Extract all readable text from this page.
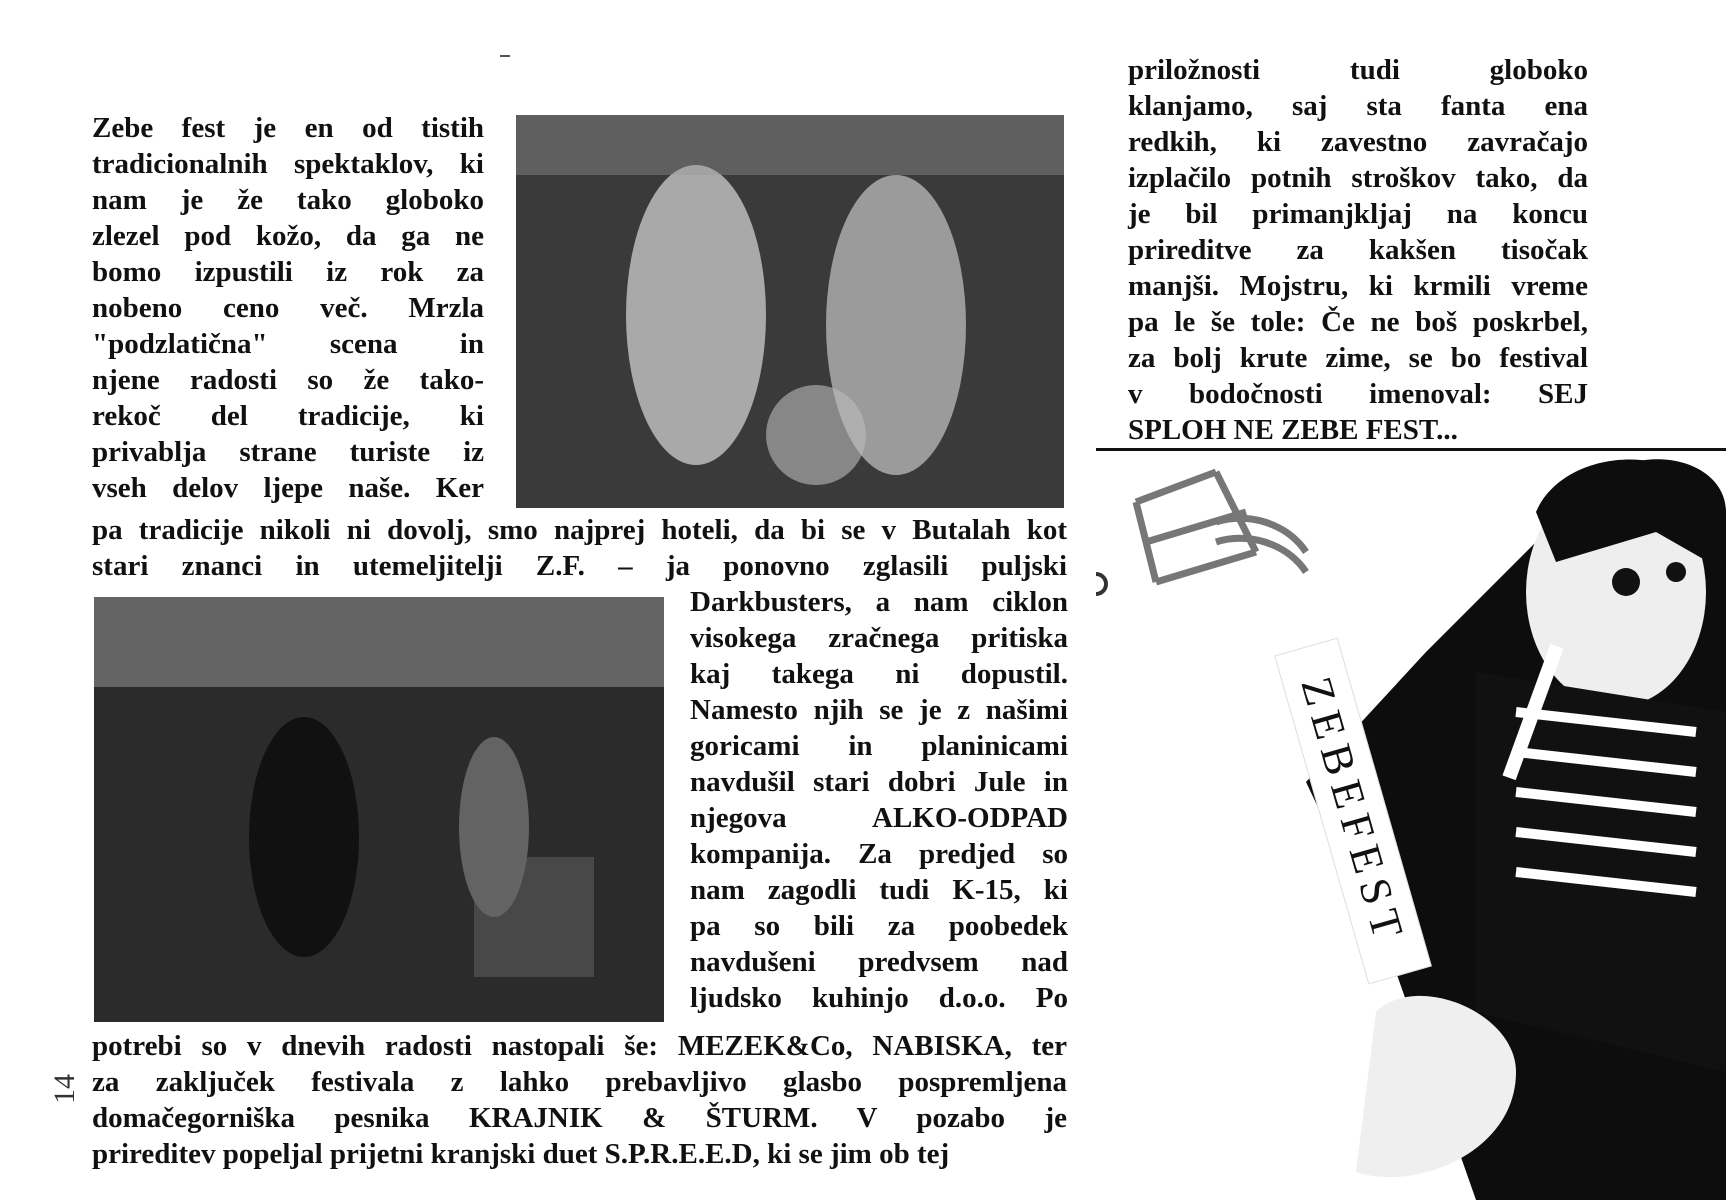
Zebe fest je en od tistih
tradicionalnih spektaklov, ki
nam je že tako globoko
zlezel pod kožo, da ga ne
bomo izpustili iz rok za
nobeno ceno več. Mrzla
"podzlatična" scena in
njene radosti so že tako-
rekoč del tradicije, ki
privablja strane turiste iz
vseh delov ljepe naše. Ker
pa tradicije nikoli ni dovolj, smo najprej hoteli, da bi se v Butalah kot
stari znanci in utemeljitelji Z.F. – ja ponovno zglasili puljski
Darkbusters, a nam ciklon
visokega zračnega pritiska
kaj takega ni dopustil.
Namesto njih se je z našimi
goricami in planinicami
navdušil stari dobri Jule in
njegova ALKO-ODPAD
kompanija. Za predjed so
nam zagodli tudi K-15, ki
pa so bili za poobedek
navdušeni predvsem nad
ljudsko kuhinjo d.o.o. Po
potrebi so v dnevih radosti nastopali še: MEZEK&Co, NABISKA, ter
za zaključek festivala z lahko prebavljivo glasbo pospremljena
domačegorniška pesnika KRAJNIK & ŠTURM. V pozabo je
prireditev popeljal prijetni kranjski duet S.P.R.E.E.D, ki se jim ob tej
priložnosti tudi globoko
klanjamo, saj sta fanta ena
redkih, ki zavestno zavračajo
izplačilo potnih stroškov tako, da
je bil primanjkljaj na koncu
prireditve za kakšen tisočak
manjši. Mojstru, ki krmili vreme
pa le še tole: Če ne boš poskrbel,
za bolj krute zime, se bo festival
v bodočnosti imenoval: SEJ
SPLOH NE ZEBE FEST...
ZEBEFEST
14
